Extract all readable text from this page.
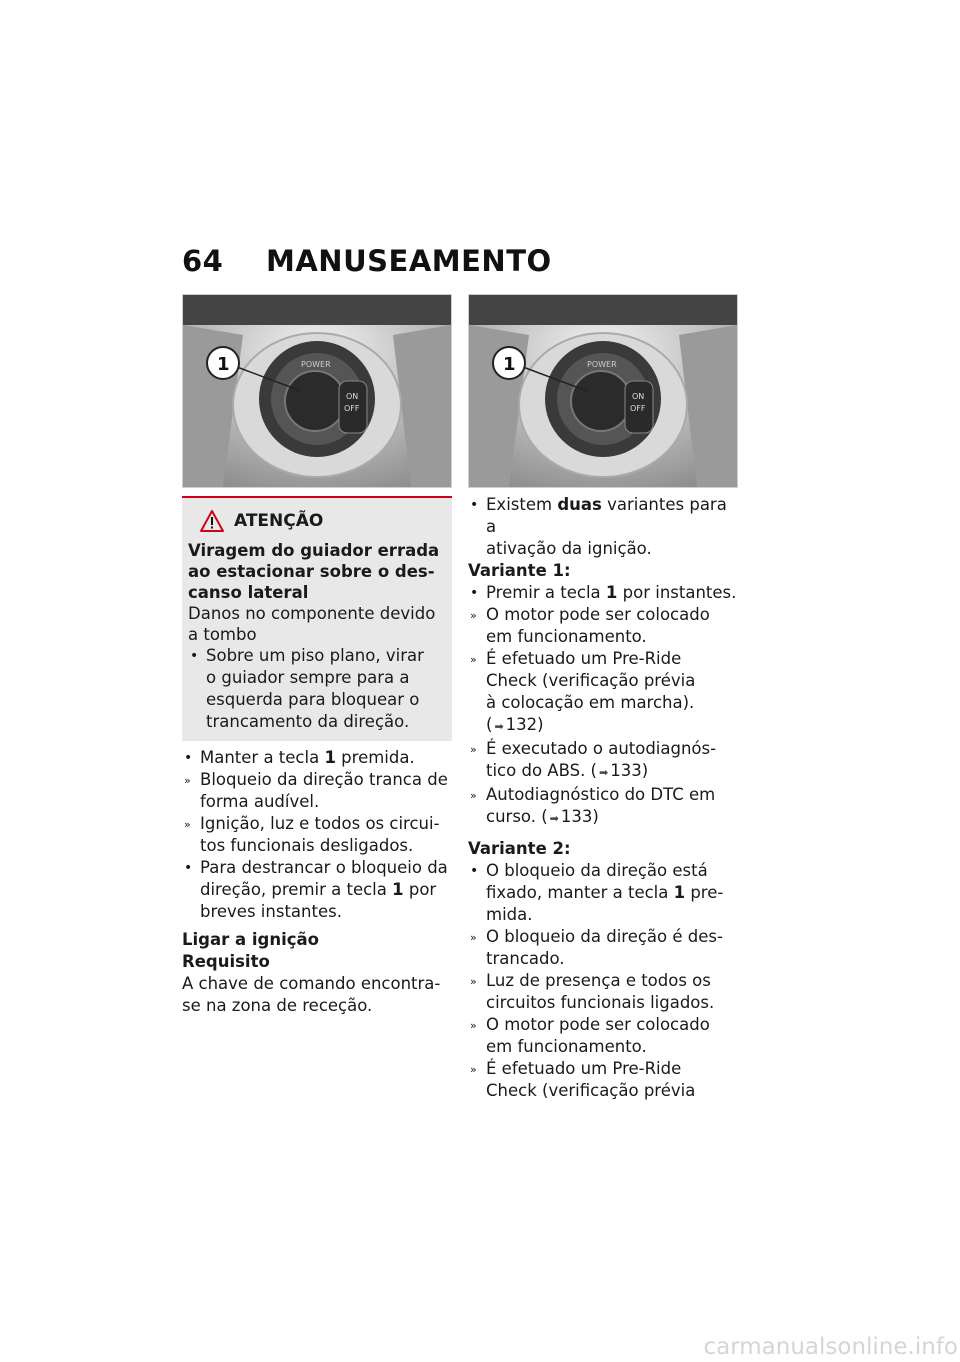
64 MANUSEAMENTO
ON
OFF
POWER
1
ATENÇÃO
Viragem do guiador errada
ao estacionar sobre o des-
canso lateral
Danos no componente devido
a tombo
• Sobre um piso plano, virar
o guiador sempre para a
esquerda para bloquear o
trancamento da direção.
• Manter a tecla 1 premida.
» Bloqueio da direção tranca de
forma audível.
» Ignição, luz e todos os circui-
tos funcionais desligados.
• Para destrancar o bloqueio da
direção, premir a tecla 1 por
breves instantes.
Ligar a ignição
Requisito
A chave de comando encontra-
se na zona de receção.
ON
OFF
POWER
1
• Existem duas variantes para a
ativação da ignição.
Variante 1:
• Premir a tecla 1 por instantes.
» O motor pode ser colocado
em funcionamento.
» É efetuado um Pre-Ride
Check (verificação prévia
à colocação em marcha).
( ➡ 132)
» É executado o autodiagnós-
tico do ABS. ( ➡ 133)
» Autodiagnóstico do DTC em
curso. ( ➡ 133)
Variante 2:
• O bloqueio da direção está
fixado, manter a tecla 1 pre-
mida.
» O bloqueio da direção é des-
trancado.
» Luz de presença e todos os
circuitos funcionais ligados.
» O motor pode ser colocado
em funcionamento.
» É efetuado um Pre-Ride
Check (verificação prévia
carmanualsonline.info
